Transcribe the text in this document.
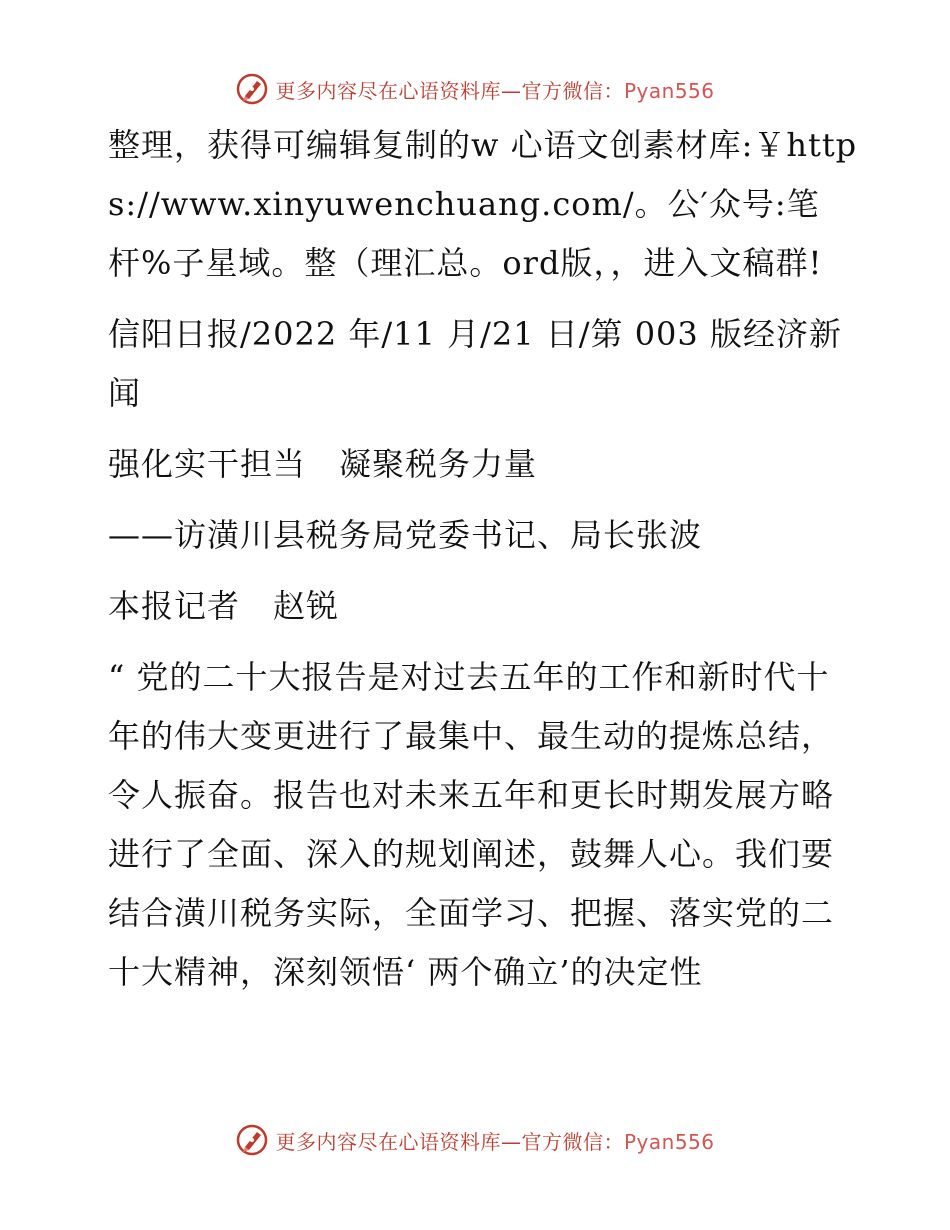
更多内容尽在心语资料库—官方微信：Pyan556

整理，获得可编辑复制的w 心语文创素材库:￥https://www.xinyuwenchuang.com/。公′众号:笔杆%子星域。整（理汇总。ord版，，进入文稿群!

信阳日报/2022 年/11 月/21 日/第 003 版经济新闻

强化实干担当　凝聚税务力量

——访潢川县税务局党委书记、局长张波

本报记者　赵锐

“ 党的二十大报告是对过去五年的工作和新时代十年的伟大变更进行了最集中、最生动的提炼总结，令人振奋。报告也对未来五年和更长时期发展方略进行了全面、深入的规划阐述，鼓舞人心。我们要结合潢川税务实际，全面学习、把握、落实党的二十大精神，深刻领悟‘ 两个确立’的决定性

更多内容尽在心语资料库—官方微信：Pyan556
